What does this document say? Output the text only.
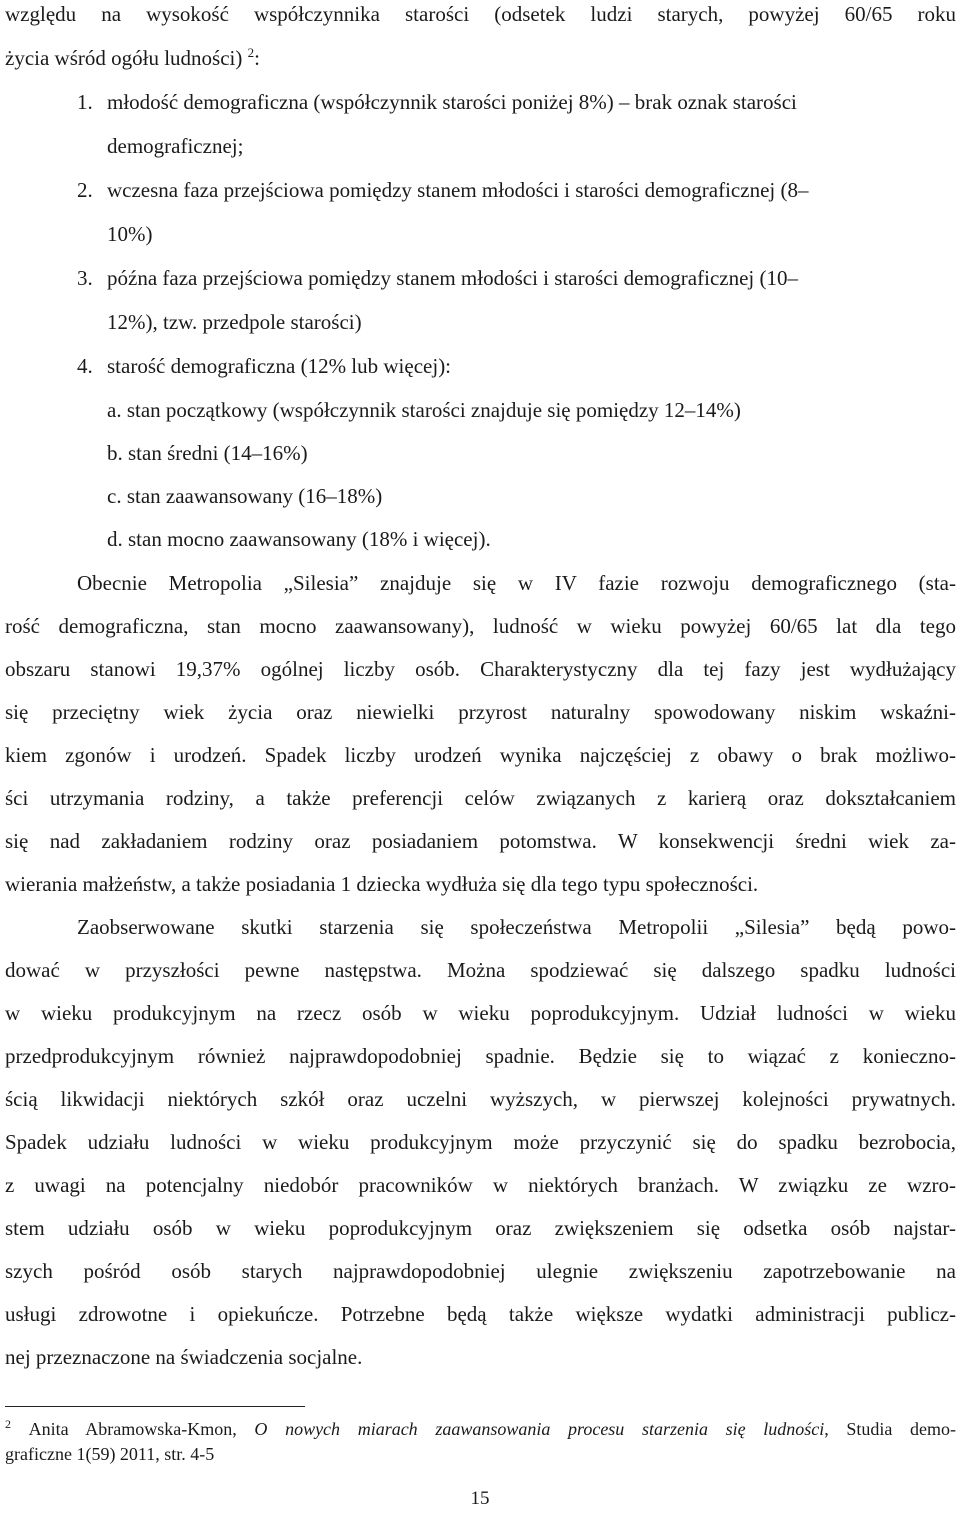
względu na wysokość współczynnika starości (odsetek ludzi starych, powyżej 60/65 roku
życia wśród ogółu ludności) $^2$:
1. młodość demograficzna (współczynnik starości poniżej 8%) – brak oznak starości
demograficznej;
2. wczesna faza przejściowa pomiędzy stanem młodości i starości demograficznej (8–
10%)
3. późna faza przejściowa pomiędzy stanem młodości i starości demograficznej (10–
12%), tzw. przedpole starości)
4. starość demograficzna (12% lub więcej):
a. stan początkowy (współczynnik starości znajduje się pomiędzy 12–14%)
b. stan średni (14–16%)
c. stan zaawansowany (16–18%)
d. stan mocno zaawansowany (18% i więcej).
Obecnie Metropolia „Silesia” znajduje się w IV fazie rozwoju demograficznego (sta-
rość demograficzna, stan mocno zaawansowany), ludność w wieku powyżej 60/65 lat dla tego
obszaru stanowi 19,37% ogólnej liczby osób. Charakterystyczny dla tej fazy jest wydłużający
się przeciętny wiek życia oraz niewielki przyrost naturalny spowodowany niskim wskaźni-
kiem zgonów i urodzeń. Spadek liczby urodzeń wynika najczęściej z obawy o brak możliwo-
ści utrzymania rodziny, a także preferencji celów związanych z karierą oraz dokształcaniem
się nad zakładaniem rodziny oraz posiadaniem potomstwa. W konsekwencji średni wiek za-
wierania małżeństw, a także posiadania 1 dziecka wydłuża się dla tego typu społeczności.
Zaobserwowane skutki starzenia się społeczeństwa Metropolii „Silesia” będą powo-
dować w przyszłości pewne następstwa. Można spodziewać się dalszego spadku ludności
w wieku produkcyjnym na rzecz osób w wieku poprodukcyjnym. Udział ludności w wieku
przedprodukcyjnym również najprawdopodobniej spadnie. Będzie się to wiązać z konieczno-
ścią likwidacji niektórych szkół oraz uczelni wyższych, w pierwszej kolejności prywatnych.
Spadek udziału ludności w wieku produkcyjnym może przyczynić się do spadku bezrobocia,
z uwagi na potencjalny niedobór pracowników w niektórych branżach. W związku ze wzro-
stem udziału osób w wieku poprodukcyjnym oraz zwiększeniem się odsetka osób najstar-
szych pośród osób starych najprawdopodobniej ulegnie zwiększeniu zapotrzebowanie na
usługi zdrowotne i opiekuńcze. Potrzebne będą także większe wydatki administracji publicz-
nej przeznaczone na świadczenia socjalne.
$^2$ Anita Abramowska-Kmon, O nowych miarach zaawansowania procesu starzenia się ludności, Studia demo-
graficzne 1(59) 2011, str. 4-5
15
